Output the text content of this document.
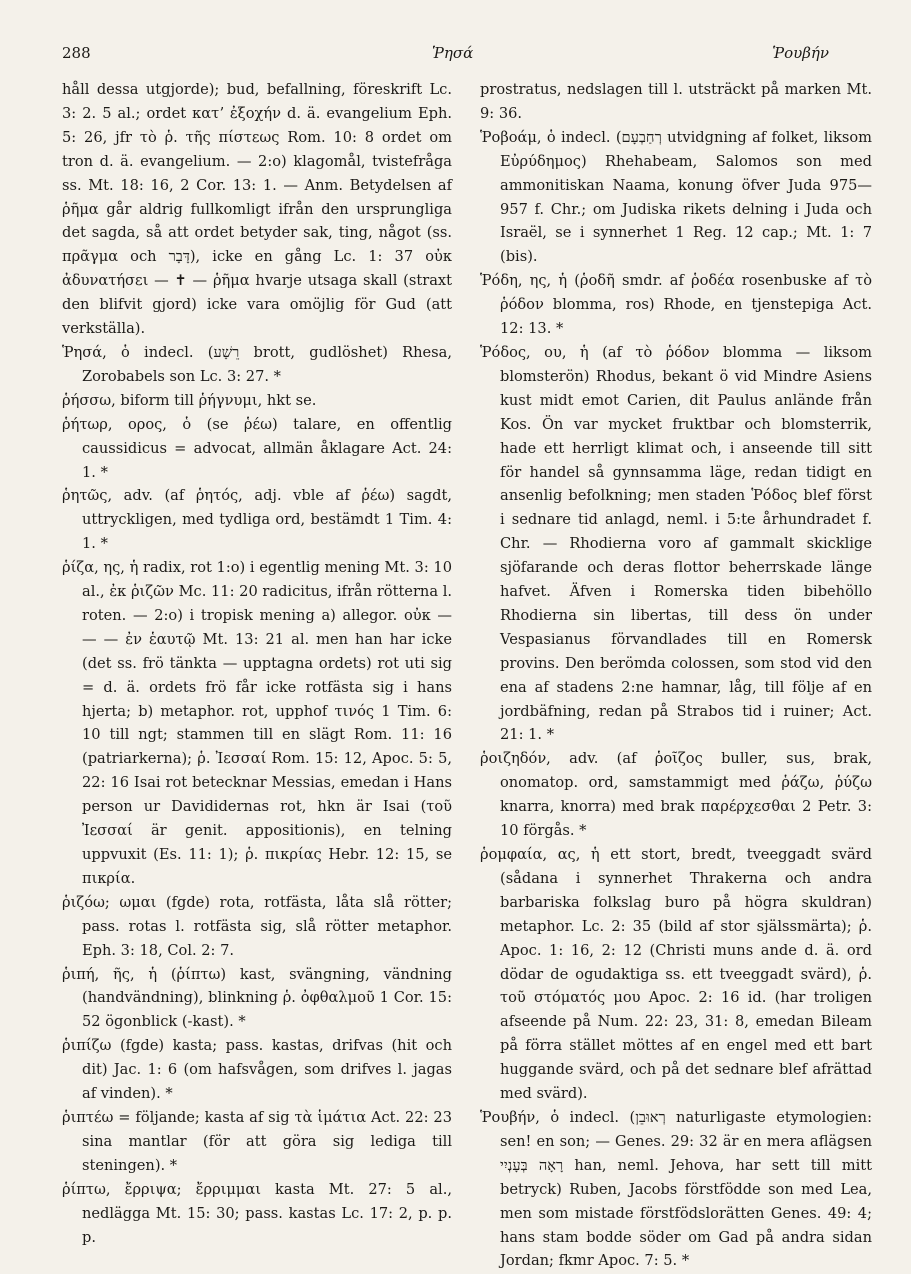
288	Ῥησά	Ῥουβήν

håll dessa utgjorde); bud, befallning, föreskrift Lc. 3: 2. 5 al.; ordet κατʼ ἐξοχήν d. ä. evangelium Eph. 5: 26, jfr τὸ ῥ. τῆς πίστεως Rom. 10: 8 ordet om tron d. ä. evangelium. — 2:o) klagomål, tvistefråga ss. Mt. 18: 16, 2 Cor. 13: 1. — Anm. Betydelsen af ῥῆμα går aldrig fullkomligt ifrån den ursprungliga det sagda, så att ordet betyder sak, ting, något (ss. πρᾶγμα och דָּבָר), icke en gång Lc. 1: 37 οὐκ ἀδυνατήσει — ✝ — ῥῆμα hvarje utsaga skall (straxt den blifvit gjord) icke vara omöjlig för Gud (att verkställa).

Ῥησά, ὁ indecl. (רֵשָׁע brott, gudlöshet) Rhesa, Zorobabels son Lc. 3: 27. *

ῥήσσω, biform till ῥήγνυμι, hkt se.

ῥήτωρ, ορος, ὁ (se ῥέω) talare, en offentlig caussidicus = advocat, allmän åklagare Act. 24: 1. *

ῥητῶς, adv. (af ῥητός, adj. vble af ῥέω) sagdt, uttryckligen, med tydliga ord, bestämdt 1 Tim. 4: 1. *

ῥίζα, ης, ἡ radix, rot 1:o) i egentlig mening Mt. 3: 10 al., ἐκ ῥιζῶν Mc. 11: 20 radicitus, ifrån rötterna l. roten. — 2:o) i tropisk mening a) allegor. οὐκ — — — ἐν ἑαυτῷ Mt. 13: 21 al. men han har icke (det ss. frö tänkta — upptagna ordets) rot uti sig = d. ä. ordets frö får icke rotfästa sig i hans hjerta; b) metaphor. rot, upphof τινός 1 Tim. 6: 10 till ngt; stammen till en slägt Rom. 11: 16 (patriarkerna); ῥ. Ἰεσσαί Rom. 15: 12, Apoc. 5: 5, 22: 16 Isai rot betecknar Messias, emedan i Hans person ur Davididernas rot, hkn är Isai (τοῦ Ἰεσσαί är genit. appositionis), en telning uppvuxit (Es. 11: 1); ῥ. πικρίας Hebr. 12: 15, se πικρία.

ῥιζόω; ωμαι (fgde) rota, rotfästa, låta slå rötter; pass. rotas l. rotfästa sig, slå rötter metaphor. Eph. 3: 18, Col. 2: 7.

ῥιπή, ῆς, ἡ (ῥίπτω) kast, svängning, vändning (handvändning), blinkning ῥ. ὀφθαλμοῦ 1 Cor. 15: 52 ögonblick (-kast). *

ῥιπίζω (fgde) kasta; pass. kastas, drifvas (hit och dit) Jac. 1: 6 (om hafsvågen, som drifves l. jagas af vinden). *

ῥιπτέω = följande; kasta af sig τὰ ἱμάτια Act. 22: 23 sina mantlar (för att göra sig lediga till steningen). *

ῥίπτω, ἔρριψα; ἔρριμμαι kasta Mt. 27: 5 al., nedlägga Mt. 15: 30; pass. kastas Lc. 17: 2, p. p. p.

prostratus, nedslagen till l. utsträckt på marken Mt. 9: 36.

Ῥοβοάμ, ὁ indecl. (רְחַבְעָם utvidgning af folket, liksom Εὐρύδημος) Rhehabeam, Salomos son med ammonitiskan Naama, konung öfver Juda 975—957 f. Chr.; om Judiska rikets delning i Juda och Israël, se i synnerhet 1 Reg. 12 cap.; Mt. 1: 7 (bis).

Ῥόδη, ης, ἡ (ῥοδῆ smdr. af ῥοδέα rosenbuske af τὸ ῥόδον blomma, ros) Rhode, en tjenstepiga Act. 12: 13. *

Ῥόδος, ου, ἡ (af τὸ ῥόδον blomma — liksom blomsterön) Rhodus, bekant ö vid Mindre Asiens kust midt emot Carien, dit Paulus anlände från Kos. Ön var mycket fruktbar och blomsterrik, hade ett herrligt klimat och, i anseende till sitt för handel så gynnsamma läge, redan tidigt en ansenlig befolkning; men staden Ῥόδος blef först i sednare tid anlagd, neml. i 5:te århundradet f. Chr. — Rhodierna voro af gammalt skicklige sjöfarande och deras flottor beherrskade länge hafvet. Äfven i Romerska tiden bibehöllo Rhodierna sin libertas, till dess ön under Vespasianus förvandlades till en Romersk provins. Den berömda colossen, som stod vid den ena af stadens 2:ne hamnar, låg, till följe af en jordbäfning, redan på Strabos tid i ruiner; Act. 21: 1. *

ῥοιζηδόν, adv. (af ῥοῖζος buller, sus, brak, onomatop. ord, samstammigt med ῥάζω, ῥύζω knarra, knorra) med brak παρέρχεσθαι 2 Petr. 3: 10 förgås. *

ῥομφαία, ας, ἡ ett stort, bredt, tveeggadt svärd (sådana i synnerhet Thrakerna och andra barbariska folkslag buro på högra skuldran) metaphor. Lc. 2: 35 (bild af stor själssmärta); ῥ. Apoc. 1: 16, 2: 12 (Christi muns ande d. ä. ord dödar de ogudaktiga ss. ett tveeggadt svärd), ῥ. τοῦ στόματός μου Apoc. 2: 16 id. (har troligen afseende på Num. 22: 23, 31: 8, emedan Bileam på förra stället möttes af en engel med ett bart huggande svärd, och på det sednare blef afrättad med svärd).

Ῥουβήν, ὁ indecl. (רְאוּבֵן naturligaste etymologien: sen! en son; — Genes. 29: 32 är en mera aflägsen רָאָה בְּעָנְיִי han, neml. Jehova, har sett till mitt betryck) Ruben, Jacobs förstfödde son med Lea, men som mistade förstfödslorätten Genes. 49: 4; hans stam bodde söder om Gad på andra sidan Jordan; fkmr Apoc. 7: 5. *
